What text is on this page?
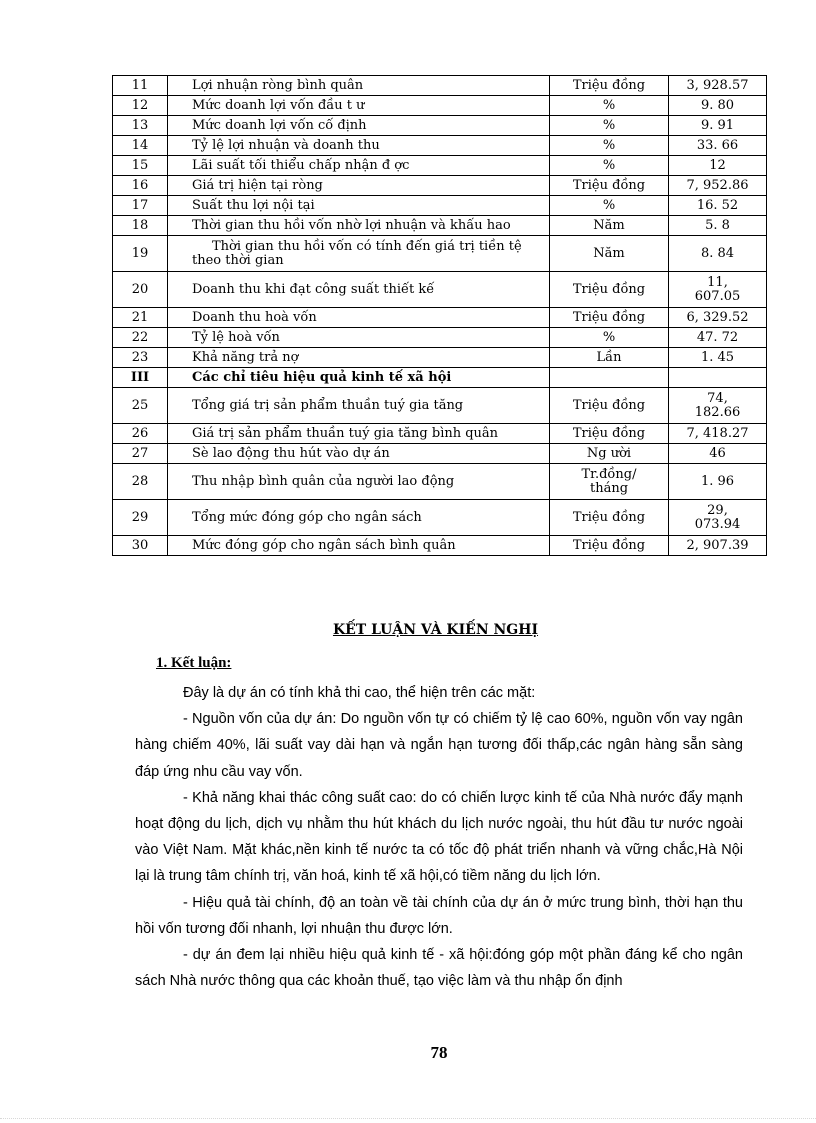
11	Lợi nhuận ròng bình quân	Triệu đồng	3, 928.57
12	Mức doanh lợi vốn đầu t ư	%	9. 80
13	Mức doanh lợi vốn cố định	%	9. 91
14	Tỷ lệ lợi nhuận và doanh thu	%	33. 66
15	Lãi suất tối thiểu chấp nhận đ ợc	%	12
16	Giá trị hiện tại ròng	Triệu đồng	7, 952.86
17	Suất thu lợi nội tại	%	16. 52
18	Thời gian thu hồi vốn nhờ lợi nhuận và khấu hao	Năm	5. 8
19	Thời gian thu hồi vốn có tính đến giá trị tiền tệ
theo thời gian	Năm	8. 84
20	Doanh thu khi đạt công suất thiết kế	Triệu đồng	11,
607.05
21	Doanh thu hoà vốn	Triệu đồng	6, 329.52
22	Tỷ lệ hoà vốn	%	47. 72
23	Khả năng trả nợ	Lần	1. 45
III	Các chỉ tiêu hiệu quả kinh tế xã hội		
25	Tổng giá trị sản phẩm thuần tuý gia tăng	Triệu đồng	74,
182.66
26	Giá trị sản phẩm thuần tuý gia tăng bình quân	Triệu đồng	7, 418.27
27	Sè lao động thu hút vào dự án	Ng ười	46
28	Thu nhập bình quân của người lao động	Tr.đồng/
tháng	1. 96
29	Tổng mức đóng góp cho ngân sách	Triệu đồng	29,
073.94
30	Mức đóng góp cho ngân sách bình quân	Triệu đồng	2, 907.39
KẾT LUẬN VÀ KIẾN NGHỊ
1. Kết luận:

Đây là dự án có tính khả thi cao, thể hiện trên các mặt:

- Nguồn vốn của dự án: Do nguồn vốn tự có chiếm tỷ lệ cao 60%, nguồn vốn vay ngân hàng chiếm 40%, lãi suất vay dài hạn và ngắn hạn tương đối thấp,các ngân hàng sẵn sàng đáp ứng nhu cầu vay vốn.

- Khả năng khai thác công suất cao: do có chiến lược kinh tế của Nhà nước đẩy mạnh hoạt động du lịch, dịch vụ nhằm thu hút khách du lịch nước ngoài, thu hút đầu tư nước ngoài vào Việt Nam. Mặt khác,nền kinh tế nước ta có tốc độ phát triển nhanh và vững chắc,Hà Nội lại là trung tâm chính trị, văn hoá, kinh tế xã hội,có tiềm năng du lịch lớn.

- Hiệu quả tài chính, độ an toàn về tài chính của dự án ở mức trung bình, thời hạn thu hồi vốn tương đối nhanh, lợi nhuận thu được lớn.

- dự án đem lại nhiều hiệu quả kinh tế - xã hội:đóng góp một phần đáng kể cho ngân sách Nhà nước thông qua các khoản thuế, tạo việc làm và thu nhập ổn định

78
